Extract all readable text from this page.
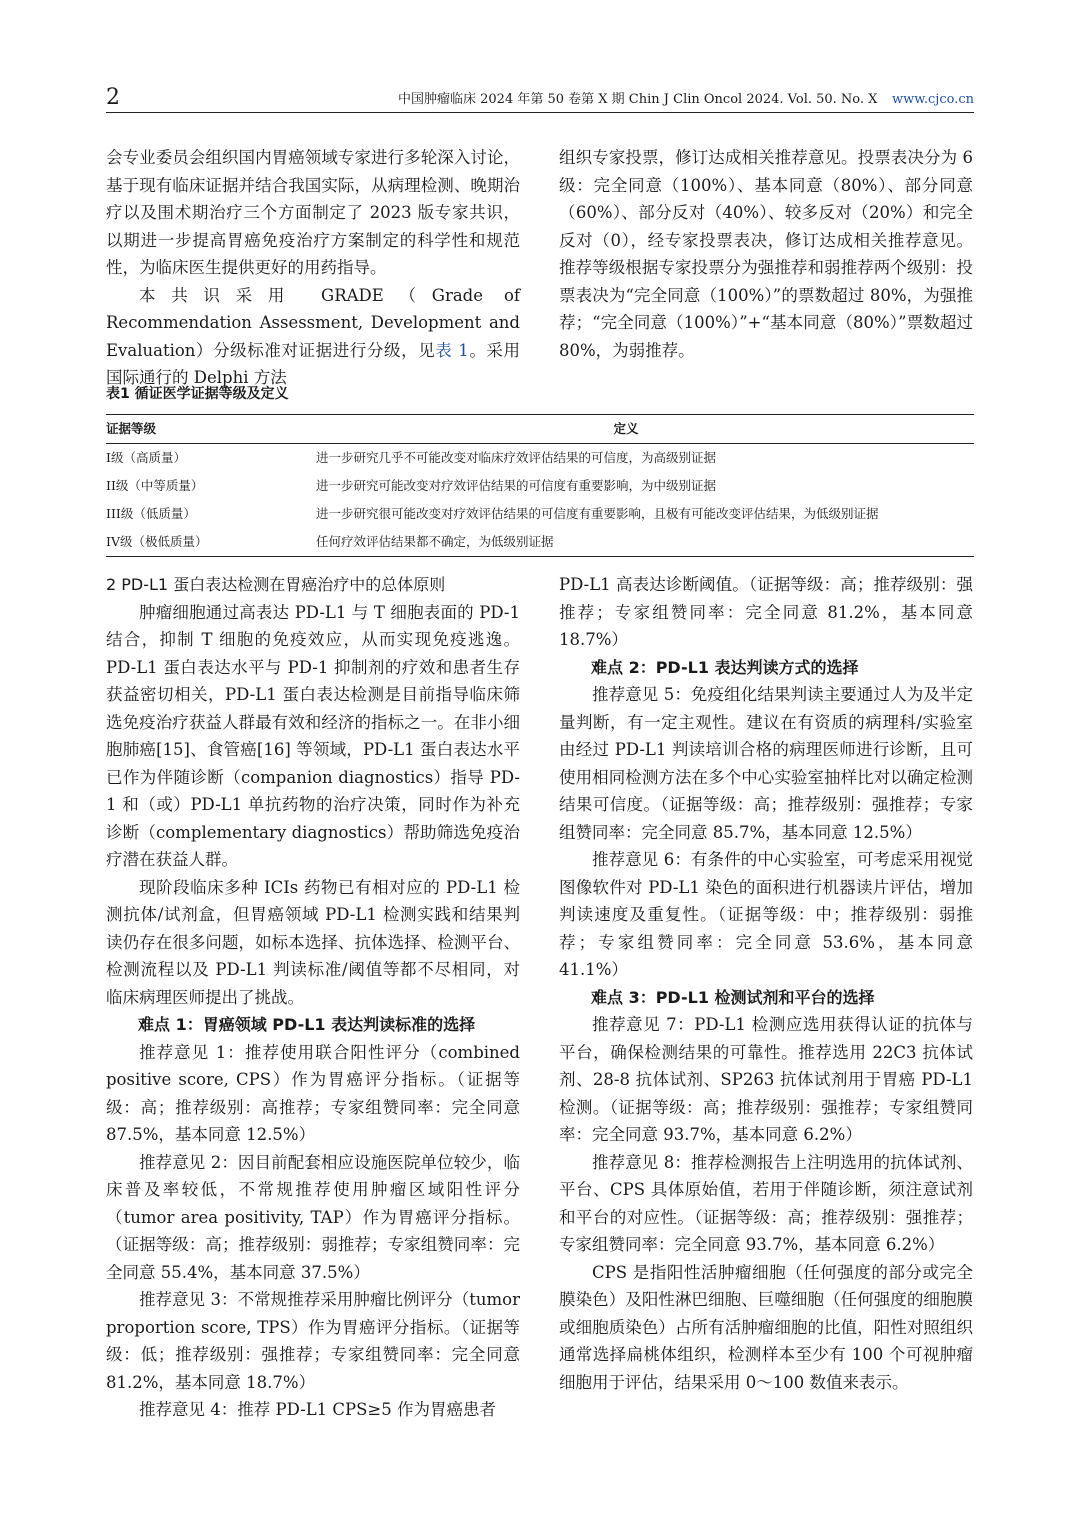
2	中国肿瘤临床 2024 年第 50 卷第 X 期 Chin J Clin Oncol 2024. Vol. 50. No. X www.cjco.cn

会专业委员会组织国内胃癌领域专家进行多轮深入讨论，基于现有临床证据并结合我国实际，从病理检测、晚期治疗以及围术期治疗三个方面制定了 2023 版专家共识，以期进一步提高胃癌免疫治疗方案制定的科学性和规范性，为临床医生提供更好的用药指导。

本共识采用 GRADE（Grade of Recommendation Assessment, Development and Evaluation）分级标准对证据进行分级，见表 1。采用国际通行的 Delphi 方法

组织专家投票，修订达成相关推荐意见。投票表决分为 6 级：完全同意（100%）、基本同意（80%）、部分同意（60%）、部分反对（40%）、较多反对（20%）和完全反对（0），经专家投票表决，修订达成相关推荐意见。推荐等级根据专家投票分为强推荐和弱推荐两个级别：投票表决为“完全同意（100%）”的票数超过 80%，为强推荐；“完全同意（100%）”+“基本同意（80%）”票数超过 80%，为弱推荐。

表1 循证医学证据等级及定义
证据等级	定义
I级（高质量）	进一步研究几乎不可能改变对临床疗效评估结果的可信度，为高级别证据
II级（中等质量）	进一步研究可能改变对疗效评估结果的可信度有重要影响，为中级别证据
III级（低质量）	进一步研究很可能改变对疗效评估结果的可信度有重要影响，且极有可能改变评估结果，为低级别证据
IV级（极低质量）	任何疗效评估结果都不确定，为低级别证据

2 PD-L1 蛋白表达检测在胃癌治疗中的总体原则

肿瘤细胞通过高表达 PD-L1 与 T 细胞表面的 PD-1 结合，抑制 T 细胞的免疫效应，从而实现免疫逃逸。PD-L1 蛋白表达水平与 PD-1 抑制剂的疗效和患者生存获益密切相关，PD-L1 蛋白表达检测是目前指导临床筛选免疫治疗获益人群最有效和经济的指标之一。在非小细胞肺癌[15]、食管癌[16] 等领域，PD-L1 蛋白表达水平已作为伴随诊断（companion diagnostics）指导 PD-1 和（或）PD-L1 单抗药物的治疗决策，同时作为补充诊断（complementary diagnostics）帮助筛选免疫治疗潜在获益人群。

现阶段临床多种 ICIs 药物已有相对应的 PD-L1 检测抗体/试剂盒，但胃癌领域 PD-L1 检测实践和结果判读仍存在很多问题，如标本选择、抗体选择、检测平台、检测流程以及 PD-L1 判读标准/阈值等都不尽相同，对临床病理医师提出了挑战。

难点 1：胃癌领域 PD-L1 表达判读标准的选择

推荐意见 1：推荐使用联合阳性评分（combined positive score, CPS）作为胃癌评分指标。（证据等级：高；推荐级别：高推荐；专家组赞同率：完全同意 87.5%，基本同意 12.5%）

推荐意见 2：因目前配套相应设施医院单位较少，临床普及率较低，不常规推荐使用肿瘤区域阳性评分（tumor area positivity, TAP）作为胃癌评分指标。（证据等级：高；推荐级别：弱推荐；专家组赞同率：完全同意 55.4%，基本同意 37.5%）

推荐意见 3：不常规推荐采用肿瘤比例评分（tumor proportion score, TPS）作为胃癌评分指标。（证据等级：低；推荐级别：强推荐；专家组赞同率：完全同意 81.2%，基本同意 18.7%）

推荐意见 4：推荐 PD-L1 CPS≥5 作为胃癌患者

PD-L1 高表达诊断阈值。（证据等级：高；推荐级别：强推荐；专家组赞同率：完全同意 81.2%，基本同意 18.7%）

难点 2：PD-L1 表达判读方式的选择

推荐意见 5：免疫组化结果判读主要通过人为及半定量判断，有一定主观性。建议在有资质的病理科/实验室由经过 PD-L1 判读培训合格的病理医师进行诊断，且可使用相同检测方法在多个中心实验室抽样比对以确定检测结果可信度。（证据等级：高；推荐级别：强推荐；专家组赞同率：完全同意 85.7%，基本同意 12.5%）

推荐意见 6：有条件的中心实验室，可考虑采用视觉图像软件对 PD-L1 染色的面积进行机器读片评估，增加判读速度及重复性。（证据等级：中；推荐级别：弱推荐；专家组赞同率：完全同意 53.6%，基本同意 41.1%）

难点 3：PD-L1 检测试剂和平台的选择

推荐意见 7：PD-L1 检测应选用获得认证的抗体与平台，确保检测结果的可靠性。推荐选用 22C3 抗体试剂、28-8 抗体试剂、SP263 抗体试剂用于胃癌 PD-L1 检测。（证据等级：高；推荐级别：强推荐；专家组赞同率：完全同意 93.7%，基本同意 6.2%）

推荐意见 8：推荐检测报告上注明选用的抗体试剂、平台、CPS 具体原始值，若用于伴随诊断，须注意试剂和平台的对应性。（证据等级：高；推荐级别：强推荐；专家组赞同率：完全同意 93.7%，基本同意 6.2%）

CPS 是指阳性活肿瘤细胞（任何强度的部分或完全膜染色）及阳性淋巴细胞、巨噬细胞（任何强度的细胞膜或细胞质染色）占所有活肿瘤细胞的比值，阳性对照组织通常选择扁桃体组织，检测样本至少有 100 个可视肿瘤细胞用于评估，结果采用 0～100 数值来表示。
